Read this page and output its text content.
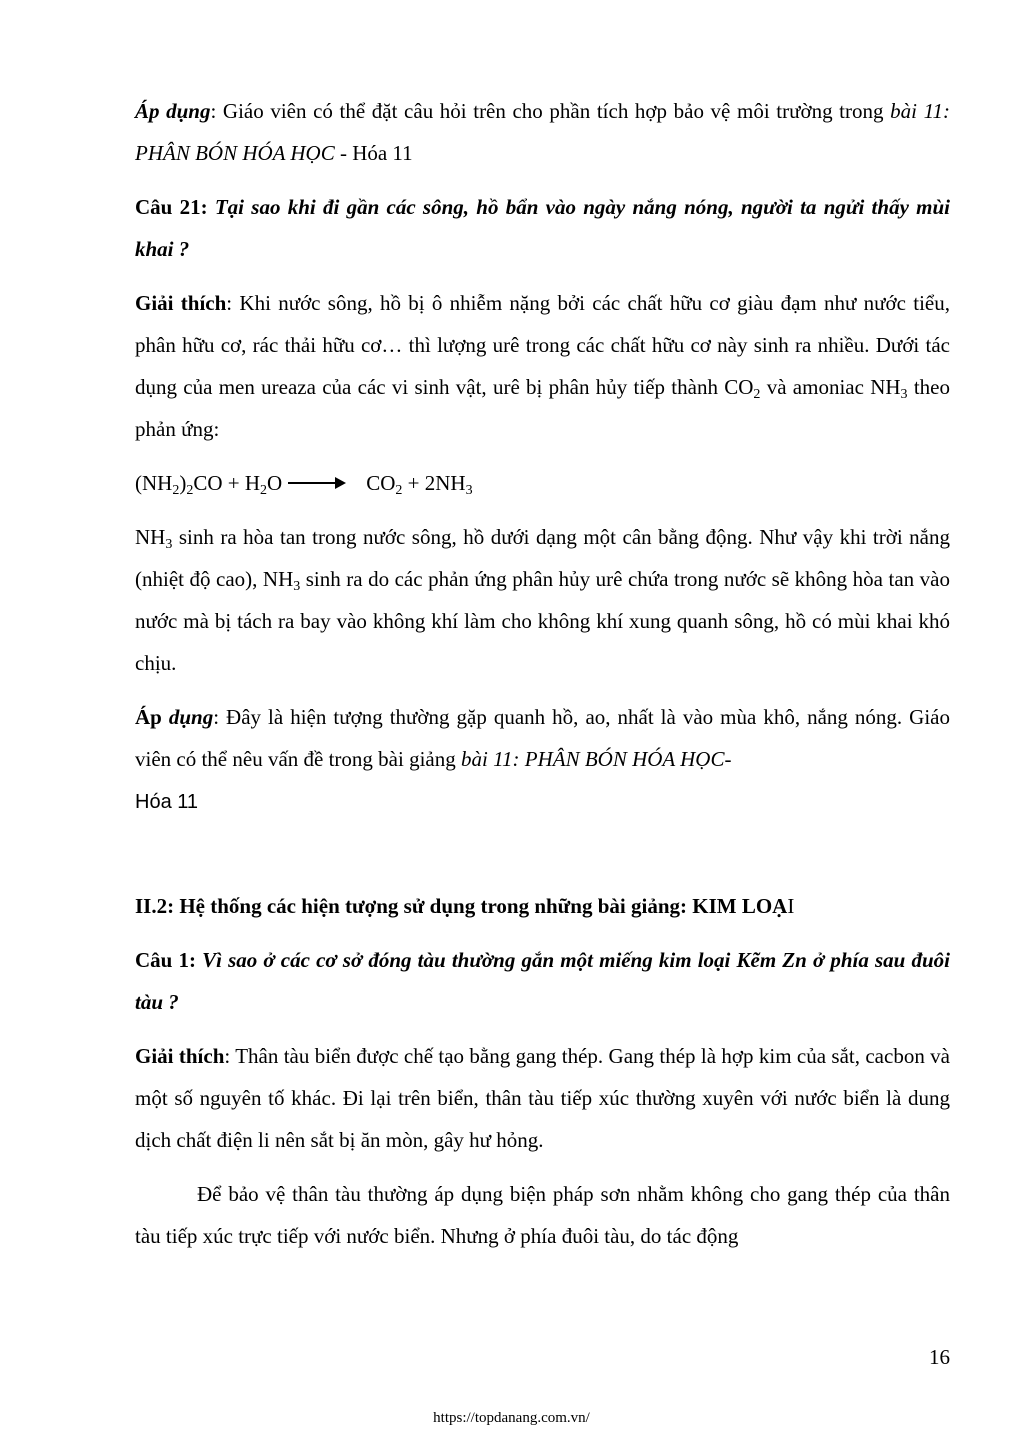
Áp dụng: Giáo viên có thể đặt câu hỏi trên cho phần tích hợp bảo vệ môi trường trong bài 11: PHÂN BÓN HÓA HỌC - Hóa 11

Câu 21: Tại sao khi đi gần các sông, hồ bẩn vào ngày nắng nóng, người ta ngửi thấy mùi khai ?

Giải thích: Khi nước sông, hồ bị ô nhiễm nặng bởi các chất hữu cơ giàu đạm như nước tiểu, phân hữu cơ, rác thải hữu cơ… thì lượng urê trong các chất hữu cơ này sinh ra nhiều. Dưới tác dụng của men ureaza của các vi sinh vật, urê bị phân hủy tiếp thành $CO_2$ và amoniac $NH_3$ theo phản ứng:

$(NH_2)_2CO + H_2O \to CO_2 + 2NH_3$

$NH_3$ sinh ra hòa tan trong nước sông, hồ dưới dạng một cân bằng động. Như vậy khi trời nắng (nhiệt độ cao), $NH_3$ sinh ra do các phản ứng phân hủy urê chứa trong nước sẽ không hòa tan vào nước mà bị tách ra bay vào không khí làm cho không khí xung quanh sông, hồ có mùi khai khó chịu.

Áp dụng: Đây là hiện tượng thường gặp quanh hồ, ao, nhất là vào mùa khô, nắng nóng. Giáo viên có thể nêu vấn đề trong bài giảng bài 11: PHÂN BÓN HÓA HỌC-
Hóa 11

II.2: Hệ thống các hiện tượng sử dụng trong những bài giảng: KIM LOẠI

Câu 1: Vì sao ở các cơ sở đóng tàu thường gắn một miếng kim loại Kẽm Zn ở phía sau đuôi tàu ?

Giải thích: Thân tàu biển được chế tạo bằng gang thép. Gang thép là hợp kim của sắt, cacbon và một số nguyên tố khác. Đi lại trên biển, thân tàu tiếp xúc thường xuyên với nước biển là dung dịch chất điện li nên sắt bị ăn mòn, gây hư hỏng.

Để bảo vệ thân tàu thường áp dụng biện pháp sơn nhằm không cho gang thép của thân tàu tiếp xúc trực tiếp với nước biển. Nhưng ở phía đuôi tàu, do tác động

16
https://topdanang.com.vn/
